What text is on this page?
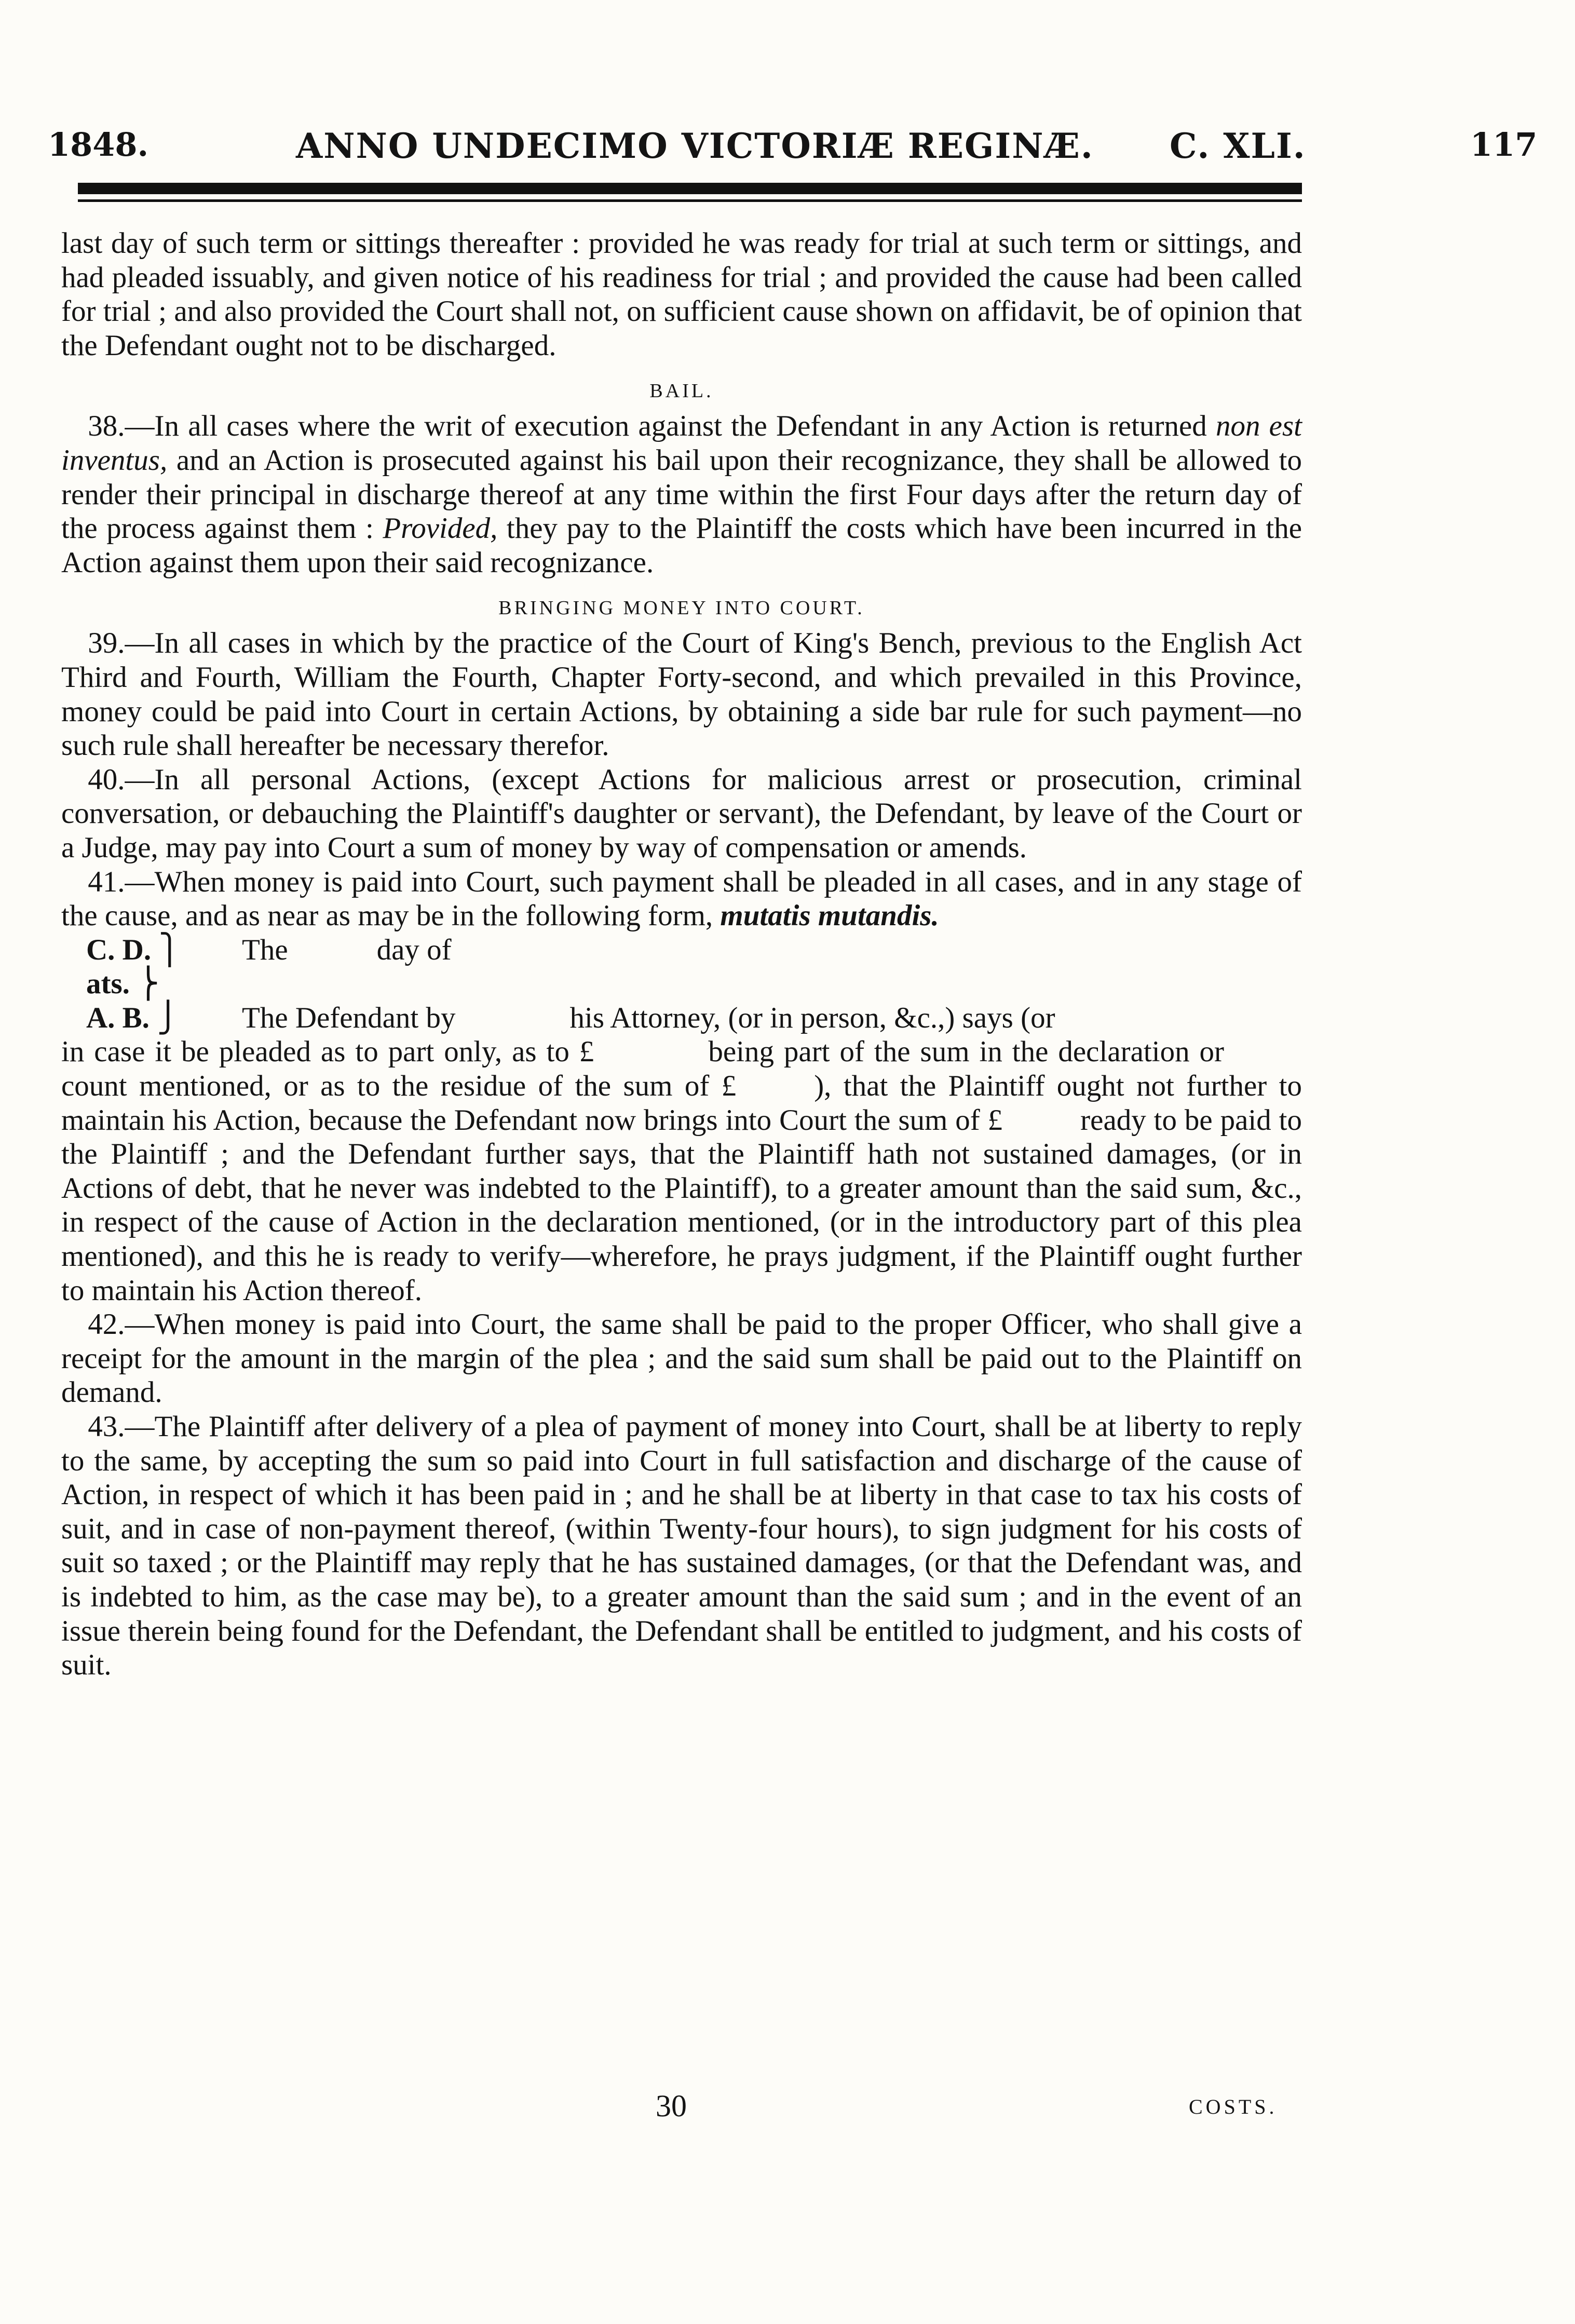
1848.	ANNO UNDECIMO VICTORIÆ REGINÆ. C. XLI.	117

last day of such term or sittings thereafter : provided he was ready for trial at such term or sittings, and had pleaded issuably, and given notice of his readiness for trial ; and provided the cause had been called for trial ; and also provided the Court shall not, on sufficient cause shown on affidavit, be of opinion that the Defendant ought not to be discharged.

BAIL.

38.—In all cases where the writ of execution against the Defendant in any Action is returned non est inventus, and an Action is prosecuted against his bail upon their recognizance, they shall be allowed to render their principal in discharge thereof at any time within the first Four days after the return day of the process against them : Provided, they pay to the Plaintiff the costs which have been incurred in the Action against them upon their said recognizance.

BRINGING MONEY INTO COURT.

39.—In all cases in which by the practice of the Court of King's Bench, previous to the English Act Third and Fourth, William the Fourth, Chapter Forty-second, and which prevailed in this Province, money could be paid into Court in certain Actions, by obtaining a side bar rule for such payment—no such rule shall hereafter be necessary therefor.

40.—In all personal Actions, (except Actions for malicious arrest or prosecution, criminal conversation, or debauching the Plaintiff's daughter or servant), the Defendant, by leave of the Court or a Judge, may pay into Court a sum of money by way of compensation or amends.

41.—When money is paid into Court, such payment shall be pleaded in all cases, and in any stage of the cause, and as near as may be in the following form, mutatis mutandis.

C. D. ⎫	The            day of
ats. ⎬
A. B. ⎭	The Defendant by	his Attorney, (or in person, &c.,) says (or

in case it be pleaded as to part only, as to £	being part of the sum in the declaration orcount mentioned, or as to the residue of the sum of £	), that the Plaintiff ought not further to maintain his Action, because the Defendant now brings into Court the sum of £	ready to be paid to the Plaintiff ; and the Defendant further says, that the Plaintiff hath not sustained damages, (or in Actions of debt, that he never was indebted to the Plaintiff), to a greater amount than the said sum, &c., in respect of the cause of Action in the declaration mentioned, (or in the introductory part of this plea mentioned), and this he is ready to verify—wherefore, he prays judgment, if the Plaintiff ought further to maintain his Action thereof.

42.—When money is paid into Court, the same shall be paid to the proper Officer, who shall give a receipt for the amount in the margin of the plea ; and the said sum shall be paid out to the Plaintiff on demand.

43.—The Plaintiff after delivery of a plea of payment of money into Court, shall be at liberty to reply to the same, by accepting the sum so paid into Court in full satisfaction and discharge of the cause of Action, in respect of which it has been paid in ; and he shall be at liberty in that case to tax his costs of suit, and in case of non-payment thereof, (within Twenty-four hours), to sign judgment for his costs of suit so taxed ; or the Plaintiff may reply that he has sustained damages, (or that the Defendant was, and is indebted to him, as the case may be), to a greater amount than the said sum ; and in the event of an issue therein being found for the Defendant, the Defendant shall be entitled to judgment, and his costs of suit.

30	COSTS.
